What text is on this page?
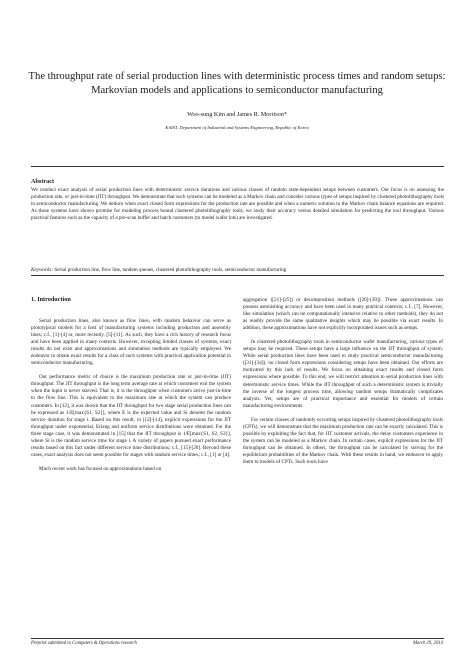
The throughput rate of serial production lines with deterministic process times and random setups: Markovian models and applications to semiconductor manufacturing
Woo-sung Kim and James R. Morrison*
KAIST, Department of Industrial and Systems Engineering, Republic of Korea
Abstract

We conduct exact analysis of serial production lines with deterministic service durations and various classes of random state-dependent setups between customers. Our focus is on assessing the production rate, or just-in-time (JIT) throughput. We demonstrate that such systems can be modeled as a Markov chain and consider various types of setups inspired by clustered photolithography tools in semiconductor manufacturing. We deduce when exact closed form expressions for the production rate are possible and when a numeric solution to the Markov chain balance equations are required. As these systems have shown promise for modeling process bound clustered photolithography tools, we study their accuracy versus detailed simulation for predicting the tool throughput. Various practical features such as the capacity of a pre-scan buffer and batch customers (to model wafer lots) are investigated.

Keywords: Serial production line, flow line, tandem queues, clustered photolithography tools, semiconductor manufacturing
1. Introduction

Serial production lines, also known as flow lines, with random behavior can serve as prototypical models for a host of manufacturing systems including production and assembly lines; c.f., [1]-[4] or, more recently, [5]-[11]. As such, they have a rich history of research focus and have been applied in many contexts. However, excepting limited classes of systems, exact results do not exist and approximations and simulation methods are typically employed. We endeavor to obtain exact results for a class of such systems with practical application potential in semiconductor manufacturing.

Our performance metric of choice is the maximum production rate or just-in-time (JIT) throughput. The JIT throughput is the long term average rate at which customers exit the system when the input is never starved. That is, it is the throughput when customers arrive just-in-time to the flow line. This is equivalent to the maximum rate at which the system can produce customers. In [12], it was shown that the JIT throughput for two stage serial production lines can be expressed as 1/E[max{S1, S2}], where E is the expected value and Si denotes the random service duration for stage i. Based on this result, in [12]-[14], explicit expressions for the JIT throughput under exponential, Erlang and uniform service distributions were obtained. For the three stage case, it was demonstrated in [15] that the JIT throughput is 1/E[max{S1, S2, S3}], where Si is the random service time for stage i. A variety of papers pursued exact performance results based on this fact under different service time distributions; c.f., [15]-[20]. Beyond these cases, exact analysis does not seem possible for stages with random service times; c.f., [1] or [4].

Much recent work has focused on approximations based on

aggregation ([21]-[25]) or decomposition methods ([26]-[30]). These approximations can possess astonishing accuracy and have been used in many practical contexts; c.f., [7]. However, like simulation (which can be computationally intensive relative to other methods), they do not as readily provide the same qualitative insights which may be possible via exact results. In addition, these approximations have not explicitly incorporated issues such as setups.

In clustered photolithography tools in semiconductor wafer manufacturing, various types of setups may be required. These setups have a large influence on the JIT throughput of system. While serial production lines have been used to study practical semiconductor manufacturing ([31]-[34]), no closed form expressions considering setups have been obtained. Our efforts are motivated by this lack of results. We focus on obtaining exact results and closed form expressions where possible. To this end, we will restrict attention to serial production lines with deterministic service times. While the JIT throughput of such a deterministic system is trivially the inverse of the longest process time, allowing random setups dramatically complicates analysis. Yet, setups are of practical importance and essential for models of certain manufacturing environments.

For certain classes of randomly occurring setups inspired by clustered photolithography tools (CPTs), we will demonstrate that the maximum production rate can be exactly calculated. This is possible by exploiting the fact that, for JIT customer arrivals, the delay customers experience in the system can be modeled as a Markov chain. In certain cases, explicit expressions for the JIT throughput can be obtained. In others, the throughput can be calculated by solving for the equilibrium probabilities of the Markov chain. With these results in hand, we endeavor to apply them to models of CPTs. Such tools have

Preprint submitted to Computers & Operations research	March 29, 2014
